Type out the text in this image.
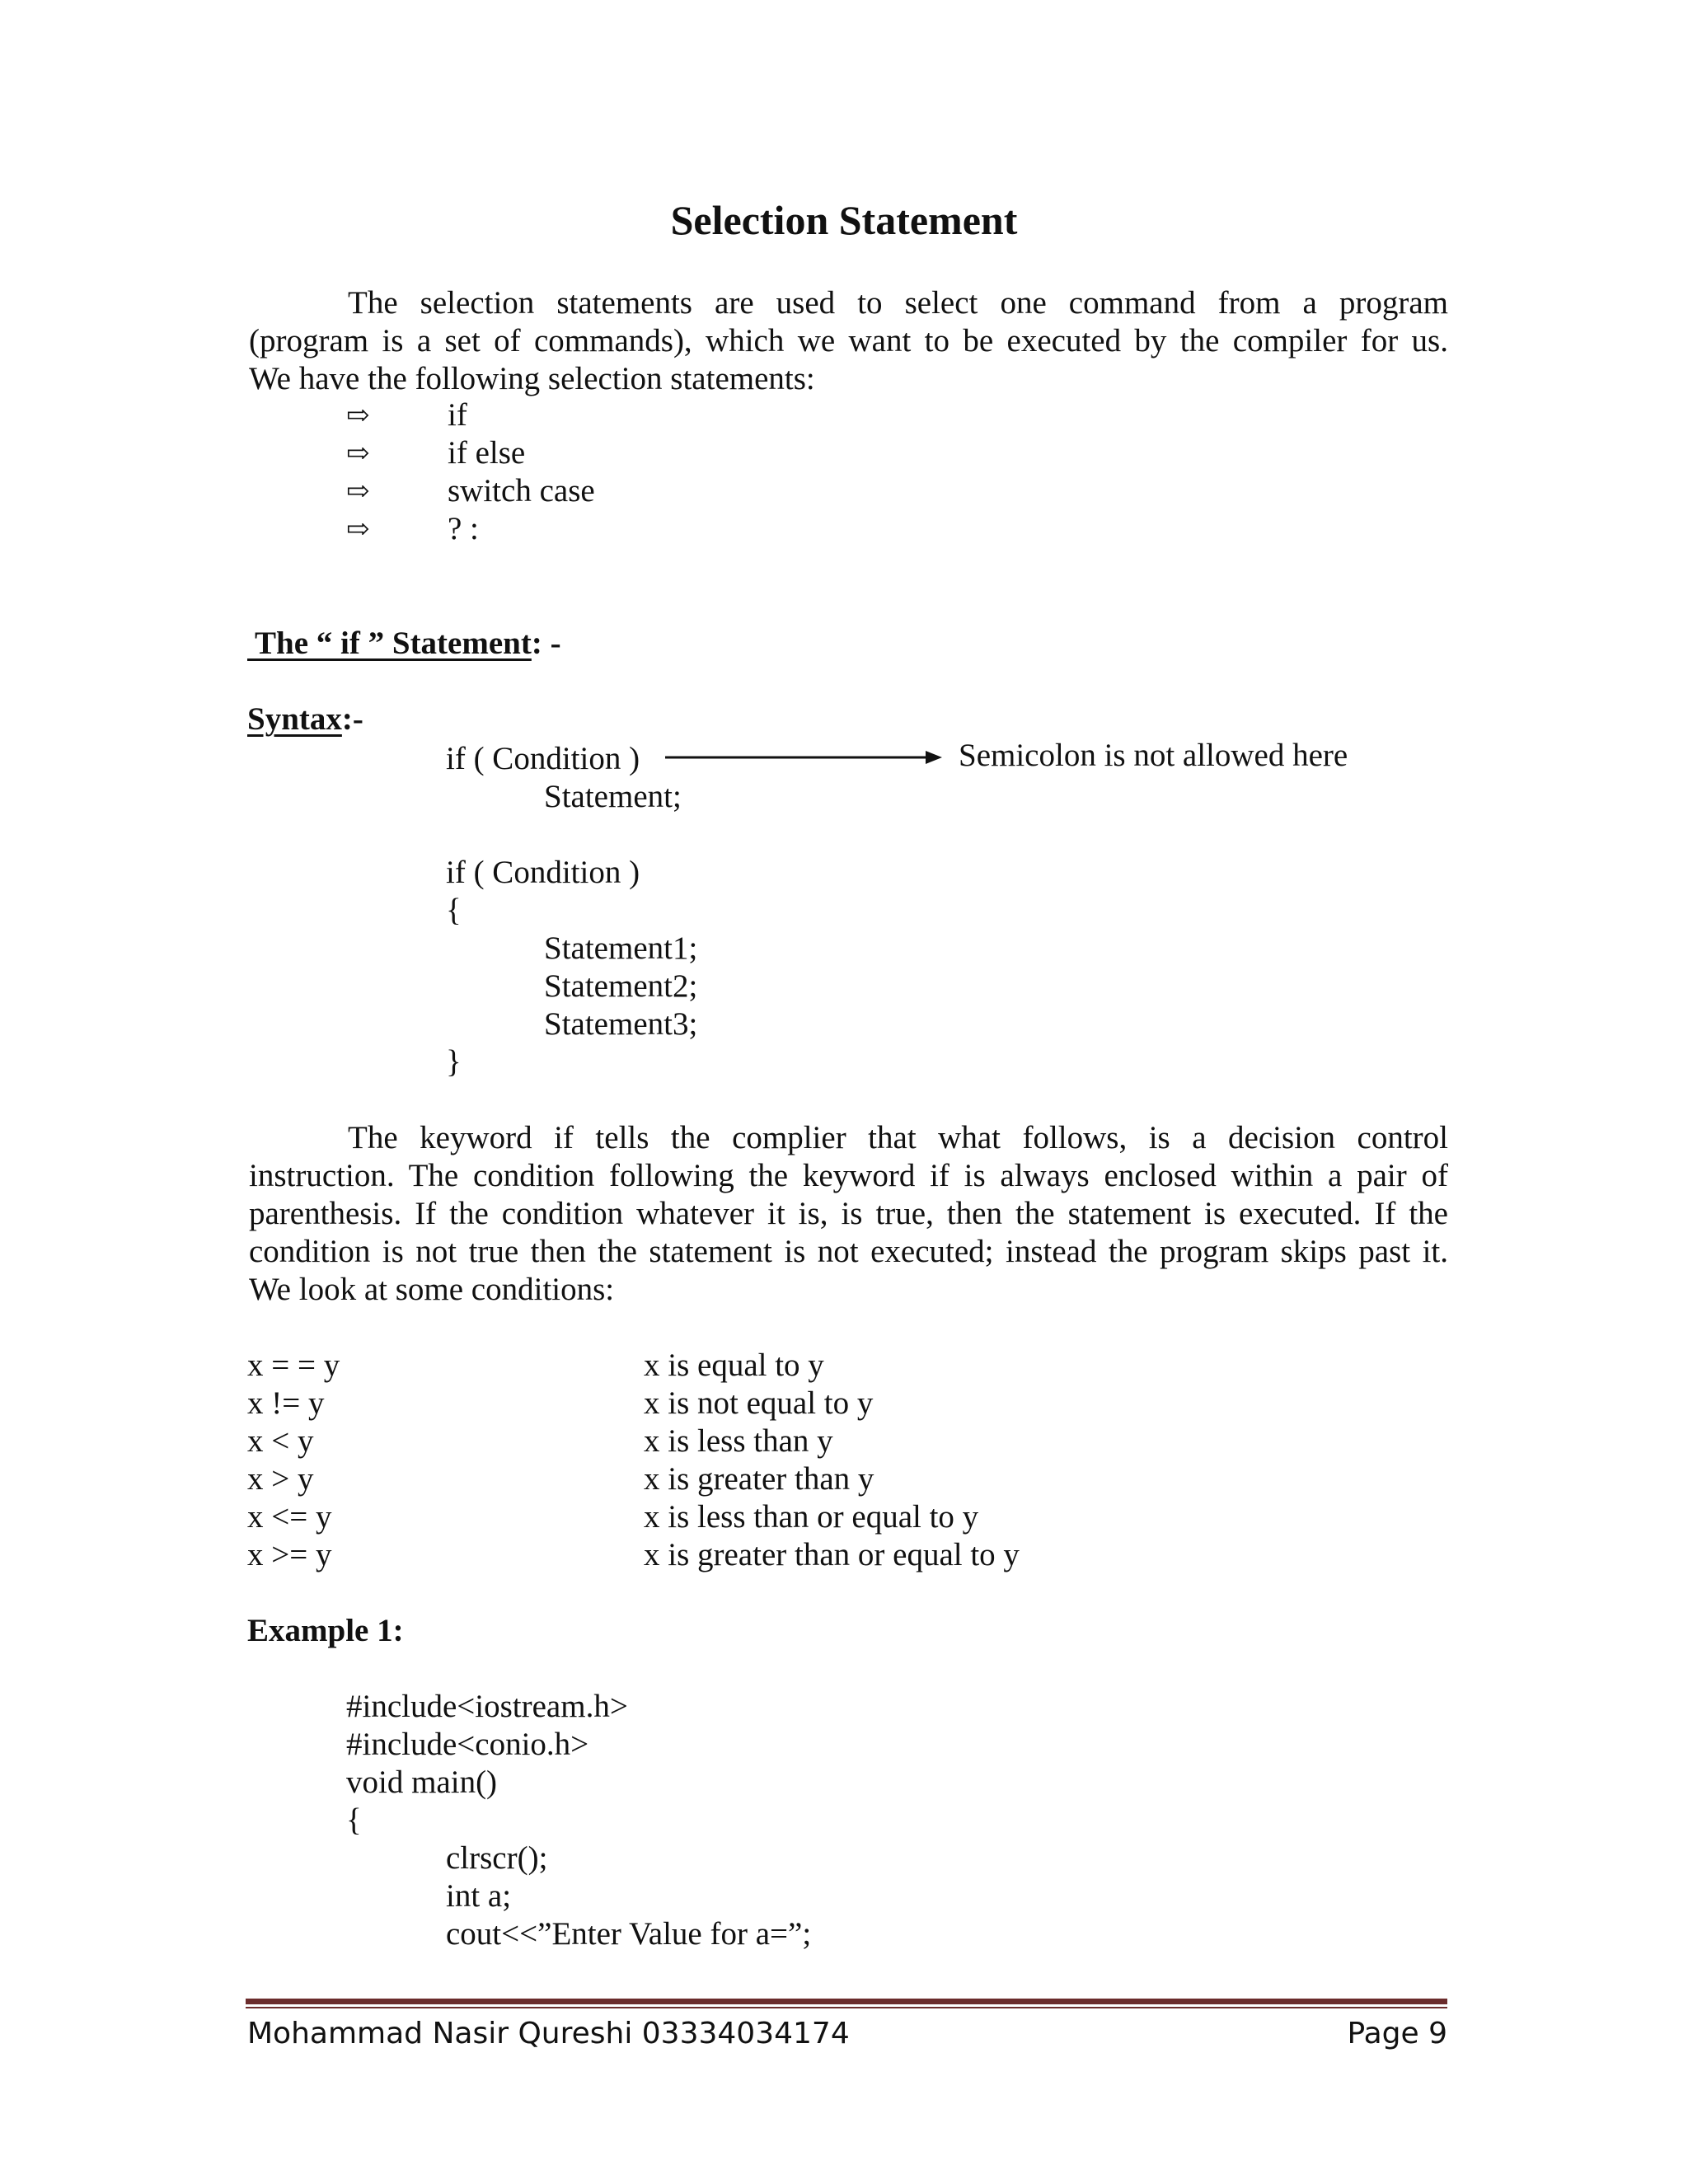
Selection Statement
The selection statements are used to select one command from a program
(program is a set of commands), which we want to be executed by the compiler for us.
We have the following selection statements:
⇨ if
⇨ if else
⇨ switch case
⇨ ? :
The “ if ” Statement: -
Syntax:-
if ( Condition )	Semicolon is not allowed here
Statement;
if ( Condition )
{
Statement1;
Statement2;
Statement3;
}
The keyword if tells the complier that what follows, is a decision control
instruction. The condition following the keyword if is always enclosed within a pair of
parenthesis. If the condition whatever it is, is true, then the statement is executed. If the
condition is not true then the statement is not executed; instead the program skips past it.
We look at some conditions:
x = = y	x is equal to y
x != y	x is not equal to y
x < y	x is less than y
x > y	x is greater than y
x <= y	x is less than or equal to y
x >= y	x is greater than or equal to y
Example 1:
#include<iostream.h>
#include<conio.h>
void main()
{
clrscr();
int a;
cout<<”Enter Value for a=”;
Mohammad Nasir Qureshi 03334034174	Page 9
